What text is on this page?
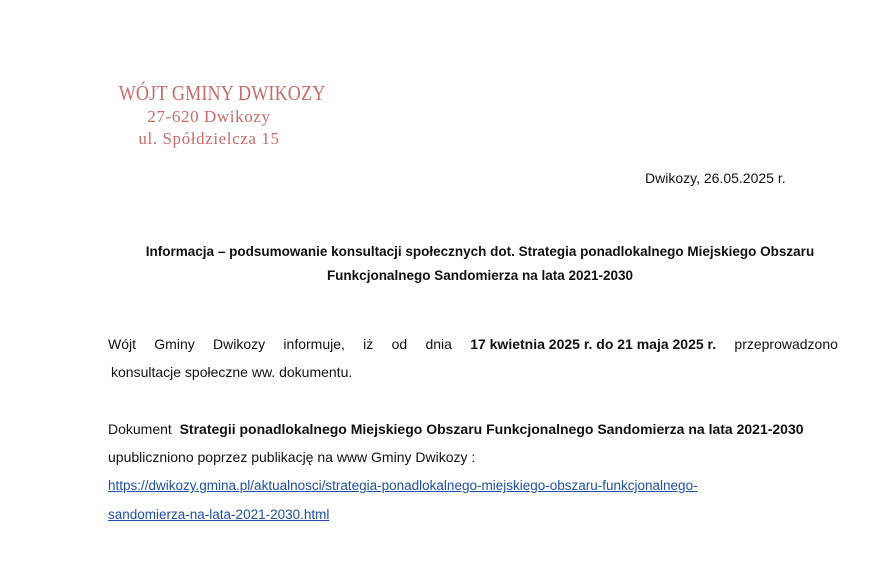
WÓJT GMINY DWIKOZY
27-620 Dwikozy
ul. Spółdzielcza 15
Dwikozy, 26.05.2025 r.
Informacja – podsumowanie konsultacji społecznych dot. Strategia ponadlokalnego Miejskiego Obszaru
Funkcjonalnego Sandomierza na lata 2021-2030
Wójt Gminy Dwikozy informuje, iż od dnia 17 kwietnia 2025 r. do 21 maja 2025 r. przeprowadzono
konsultacje społeczne ww. dokumentu.
Dokument Strategii ponadlokalnego Miejskiego Obszaru Funkcjonalnego Sandomierza na lata 2021-2030
upubliczniono poprzez publikację na www Gminy Dwikozy :
https://dwikozy.gmina.pl/aktualnosci/strategia-ponadlokalnego-miejskiego-obszaru-funkcjonalnego-
sandomierza-na-lata-2021-2030.html
